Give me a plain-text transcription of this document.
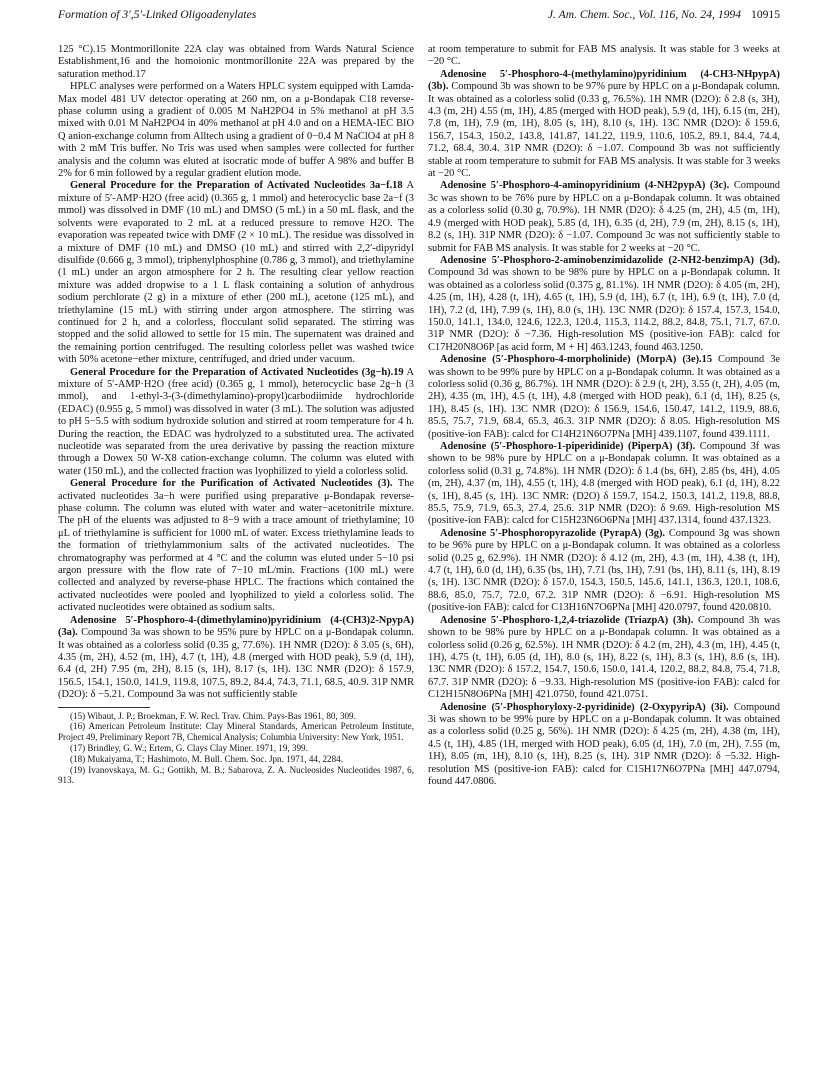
Formation of 3′,5′-Linked Oligoadenylates	J. Am. Chem. Soc., Vol. 116, No. 24, 1994 10915

125 °C).15 Montmorillonite 22A clay was obtained from Wards Natural Science Establishment,16 and the homoionic montmorillonite 22A was prepared by the saturation method.17

HPLC analyses were performed on a Waters HPLC system equipped with Lamda-Max model 481 UV detector operating at 260 nm, on a μ-Bondapak C18 reverse-phase column using a gradient of 0.005 M NaH2PO4 in 5% methanol at pH 3.5 mixed with 0.01 M NaH2PO4 in 40% methanol at pH 4.0 and on a HEMA-IEC BIO Q anion-exchange column from Alltech using a gradient of 0−0.4 M NaClO4 at pH 8 with 2 mM Tris buffer. No Tris was used when samples were collected for further analysis and the column was eluted at isocratic mode of buffer A 98% and buffer B 2% for 6 min followed by a regular gradient elution mode.

General Procedure for the Preparation of Activated Nucleotides 3a−f.18 A mixture of 5′-AMP·H2O (free acid) (0.365 g, 1 mmol) and heterocyclic base 2a−f (3 mmol) was dissolved in DMF (10 mL) and DMSO (5 mL) in a 50 mL flask, and the solvents were evaporated to 2 mL at a reduced pressure to remove H2O. The evaporation was repeated twice with DMF (2 × 10 mL). The residue was dissolved in a mixture of DMF (10 mL) and DMSO (10 mL) and stirred with 2,2′-dipyridyl disulfide (0.666 g, 3 mmol), triphenylphosphine (0.786 g, 3 mmol), and triethylamine (1 mL) under an argon atmosphere for 2 h. The resulting clear yellow reaction mixture was added dropwise to a 1 L flask containing a solution of anhydrous sodium perchlorate (2 g) in a mixture of ether (200 mL), acetone (125 mL), and triethylamine (15 mL) with stirring under argon atmosphere. The stirring was continued for 2 h, and a colorless, flocculant solid separated. The stirring was stopped and the solid allowed to settle for 15 min. The supernatent was drained and the remaining portion centrifuged. The resulting colorless pellet was washed twice with 50% acetone−ether mixture, centrifuged, and dried under vacuum.

General Procedure for the Preparation of Activated Nucleotides (3g−h).19 A mixture of 5′-AMP·H2O (free acid) (0.365 g, 1 mmol), heterocyclic base 2g−h (3 mmol), and 1-ethyl-3-(3-(dimethylamino)-propyl)carbodiimide hydrochloride (EDAC) (0.955 g, 5 mmol) was dissolved in water (3 mL). The solution was adjusted to pH 5−5.5 with sodium hydroxide solution and stirred at room temperature for 4 h. During the reaction, the EDAC was hydrolyzed to a substituted urea. The activated nucleotide was separated from the urea derivative by passing the reaction mixture through a Dowex 50 W-X8 cation-exchange column. The column was eluted with water (150 mL), and the collected fraction was lyophilized to yield a colorless solid.

General Procedure for the Purification of Activated Nucleotides (3). The activated nucleotides 3a−h were purified using preparative μ-Bondapak reverse-phase column. The column was eluted with water and water−acetonitrile mixture. The pH of the eluents was adjusted to 8−9 with a trace amount of triethylamine; 10 μL of triethylamine is sufficient for 1000 mL of water. Excess triethylamine leads to the formation of triethylammonium salts of the activated nucleotides. The chromatography was performed at 4 °C and the column was eluted under 5−10 psi argon pressure with the flow rate of 7−10 mL/min. Fractions (100 mL) were collected and analyzed by reverse-phase HPLC. The fractions which contained the activated nucleotides were pooled and lyophilized to yield a colorless solid. The activated nucleotides were obtained as sodium salts.

Adenosine 5′-Phosphoro-4-(dimethylamino)pyridinium (4-(CH3)2-NpypA) (3a). Compound 3a was shown to be 95% pure by HPLC on a μ-Bondapak column. It was obtained as a colorless solid (0.35 g, 77.6%). 1H NMR (D2O): δ 3.05 (s, 6H), 4.35 (m, 2H), 4.52 (m, 1H), 4.7 (t, 1H), 4.8 (merged with HOD peak), 5.9 (d, 1H), 6.4 (d, 2H) 7.95 (m, 2H), 8.15 (s, 1H), 8.17 (s, 1H). 13C NMR (D2O): δ 157.9, 156.5, 154.1, 150.0, 141.9, 119.8, 107.5, 89.2, 84.4, 74.3, 71.1, 68.5, 40.9. 31P NMR (D2O): δ −5.21. Compound 3a was not sufficiently stable

(15) Wibaut, J. P.; Broekman, F. W. Recl. Trav. Chim. Pays-Bas 1961, 80, 309.

(16) American Petroleum Institute: Clay Mineral Standards, American Petroleum Institute, Project 49, Preliminary Report 7B, Chemical Analysis; Columbia University: New York, 1951.

(17) Brindley, G. W.; Ertem, G. Clays Clay Miner. 1971, 19, 399.

(18) Mukaiyama, T.; Hashimoto, M. Bull. Chem. Soc. Jpn. 1971, 44, 2284.

(19) Ivanovskaya, M. G.; Gottikh, M. B.; Sabarova, Z. A. Nucleosides Nucleotides 1987, 6, 913.

at room temperature to submit for FAB MS analysis. It was stable for 3 weeks at −20 °C.

Adenosine 5′-Phosphoro-4-(methylamino)pyridinium (4-CH3-NHpypA) (3b). Compound 3b was shown to be 97% pure by HPLC on a μ-Bondapak column. It was obtained as a colorless solid (0.33 g, 76.5%). 1H NMR (D2O): δ 2.8 (s, 3H), 4.3 (m, 2H) 4.55 (m, 1H), 4.85 (merged with HOD peak), 5.9 (d, 1H), 6.15 (m, 2H), 7.8 (m, 1H), 7.9 (m, 1H), 8.05 (s, 1H), 8.10 (s, 1H). 13C NMR (D2O): δ 159.6, 156.7, 154.3, 150.2, 143.8, 141.87, 141.22, 119.9, 110.6, 105.2, 89.1, 84.4, 74.4, 71.2, 68.4, 30.4. 31P NMR (D2O): δ −1.07. Compound 3b was not sufficiently stable at room temperature to submit for FAB MS analysis. It was stable for 3 weeks at −20 °C.

Adenosine 5′-Phosphoro-4-aminopyridinium (4-NH2pypA) (3c). Compound 3c was shown to be 76% pure by HPLC on a μ-Bondapak column. It was obtained as a colorless solid (0.30 g, 70.9%). 1H NMR (D2O): δ 4.25 (m, 2H), 4.5 (m, 1H), 4.9 (merged with HOD peak), 5.85 (d, 1H), 6.35 (d, 2H), 7.9 (m, 2H), 8.15 (s, 1H), 8.2 (s, 1H). 31P NMR (D2O): δ −1.07. Compound 3c was not sufficiently stable to submit for FAB MS analysis. It was stable for 2 weeks at −20 °C.

Adenosine 5′-Phosphoro-2-aminobenzimidazolide (2-NH2-benzimpA) (3d). Compound 3d was shown to be 98% pure by HPLC on a μ-Bondapak column. It was obtained as a colorless solid (0.375 g, 81.1%). 1H NMR (D2O): δ 4.05 (m, 2H), 4.25 (m, 1H), 4.28 (t, 1H), 4.65 (t, 1H), 5.9 (d, 1H), 6.7 (t, 1H), 6.9 (t, 1H), 7.0 (d, 1H), 7.2 (d, 1H), 7.99 (s, 1H), 8.0 (s, 1H). 13C NMR (D2O): δ 157.4, 157.3, 154.0, 150.0, 141.1, 134.0, 124.6, 122.3, 120.4, 115.3, 114.2, 88.2, 84.8, 75.1, 71.7, 67.0. 31P NMR (D2O): δ −7.36. High-resolution MS (positive-ion FAB): calcd for C17H20N8O6P [as acid form, M + H] 463.1243, found 463.1250.

Adenosine (5′-Phosphoro-4-morpholinide) (MorpA) (3e).15 Compound 3e was shown to be 99% pure by HPLC on a μ-Bondapak column. It was obtained as a colorless solid (0.36 g, 86.7%). 1H NMR (D2O): δ 2.9 (t, 2H), 3.55 (t, 2H), 4.05 (m, 2H), 4.35 (m, 1H), 4.5 (t, 1H), 4.8 (merged with HOD peak), 6.1 (d, 1H), 8.25 (s, 1H), 8.45 (s, 1H). 13C NMR (D2O): δ 156.9, 154.6, 150.47, 141.2, 119.9, 88.6, 85.5, 75.7, 71.9, 68.4, 65.3, 46.3. 31P NMR (D2O): δ 8.05. High-resolution MS (positive-ion FAB): calcd for C14H21N6O7PNa [MH] 439.1107, found 439.1111.

Adenosine (5′-Phosphoro-1-piperidinide) (PiperpA) (3f). Compound 3f was shown to be 98% pure by HPLC on a μ-Bondapak column. It was obtained as a colorless solid (0.31 g, 74.8%). 1H NMR (D2O): δ 1.4 (bs, 6H), 2.85 (bs, 4H), 4.05 (m, 2H), 4.37 (m, 1H), 4.55 (t, 1H), 4.8 (merged with HOD peak), 6.1 (d, 1H), 8.22 (s, 1H), 8.45 (s, 1H). 13C NMR: (D2O) δ 159.7, 154.2, 150.3, 141.2, 119.8, 88.8, 85.5, 75.9, 71.9, 65.3, 27.4, 25.6. 31P NMR (D2O): δ 9.69. High-resolution MS (positive-ion FAB): calcd for C15H23N6O6PNa [MH] 437.1314, found 437.1323.

Adenosine 5′-Phosphoropyrazolide (PyrapA) (3g). Compound 3g was shown to be 96% pure by HPLC on a μ-Bondapak column. It was obtained as a colorless solid (0.25 g, 62.9%). 1H NMR (D2O): δ 4.12 (m, 2H), 4.3 (m, 1H), 4.38 (t, 1H), 4.7 (t, 1H), 6.0 (d, 1H), 6.35 (bs, 1H), 7.71 (bs, 1H), 7.91 (bs, 1H), 8.11 (s, 1H), 8.19 (s, 1H). 13C NMR (D2O): δ 157.0, 154.3, 150.5, 145.6, 141.1, 136.3, 120.1, 108.6, 88.6, 85.0, 75.7, 72.0, 67.2. 31P NMR (D2O): δ −6.91. High-resolution MS (positive-ion FAB): calcd for C13H16N7O6PNa [MH] 420.0797, found 420.0810.

Adenosine 5′-Phosphoro-1,2,4-triazolide (TriazpA) (3h). Compound 3h was shown to be 98% pure by HPLC on a μ-Bondapak column. It was obtained as a colorless solid (0.26 g, 62.5%). 1H NMR (D2O): δ 4.2 (m, 2H), 4.3 (m, 1H), 4.45 (t, 1H), 4.75 (t, 1H), 6.05 (d, 1H), 8.0 (s, 1H), 8.22 (s, 1H), 8.3 (s, 1H), 8.6 (s, 1H). 13C NMR (D2O): δ 157.2, 154.7, 150.6, 150.0, 141.4, 120.2, 88.2, 84.8, 75.4, 71.8, 67.7. 31P NMR (D2O): δ −9.33. High-resolution MS (positive-ion FAB): calcd for C12H15N8O6PNa [MH] 421.0750, found 421.0751.

Adenosine (5′-Phosphoryloxy-2-pyridinide) (2-OxypyripA) (3i). Compound 3i was shown to be 99% pure by HPLC on a μ-Bondapak column. It was obtained as a colorless solid (0.25 g, 56%). 1H NMR (D2O): δ 4.25 (m, 2H), 4.38 (m, 1H), 4.5 (t, 1H), 4.85 (1H, merged with HOD peak), 6.05 (d, 1H), 7.0 (m, 2H), 7.55 (m, 1H), 8.05 (m, 1H), 8.10 (s, 1H), 8.25 (s, 1H). 31P NMR (D2O): δ −5.32. High-resolution MS (positive-ion FAB): calcd for C15H17N6O7PNa [MH] 447.0794, found 447.0806.
